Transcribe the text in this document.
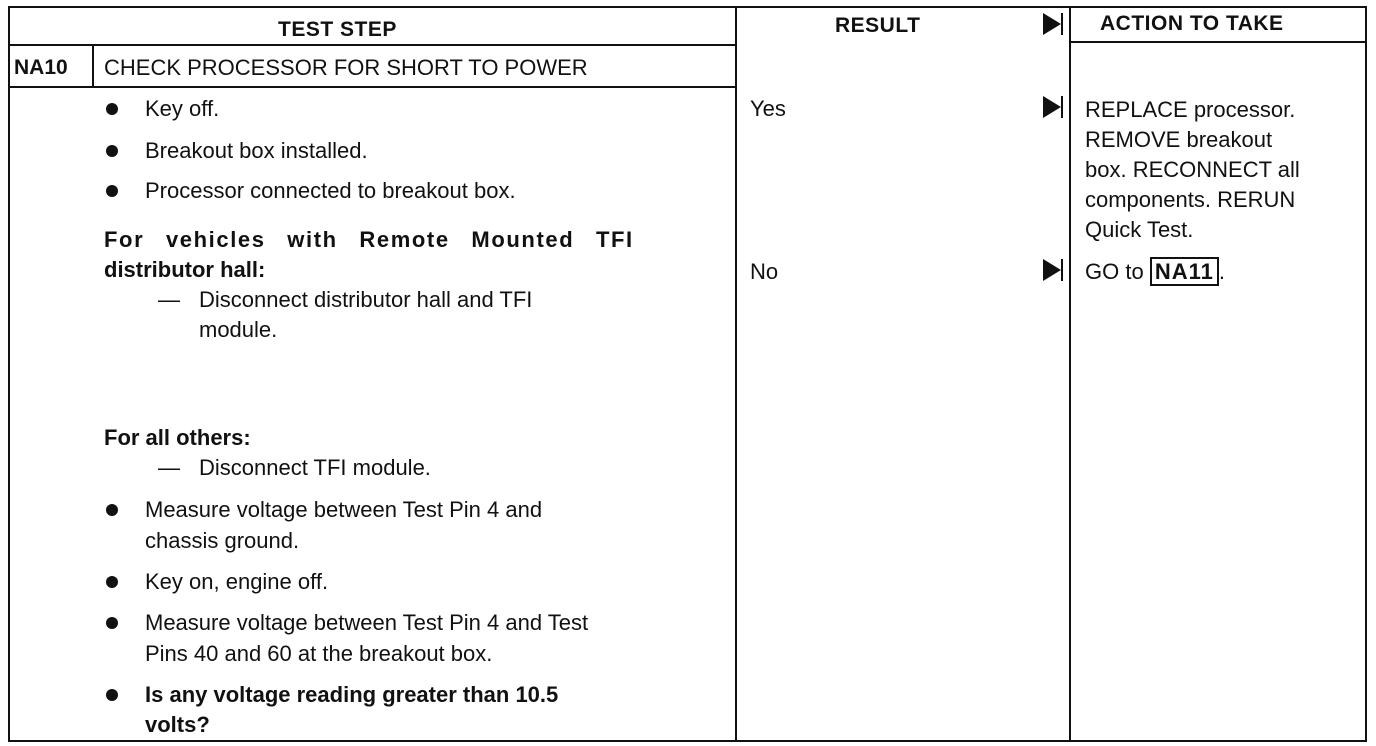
TEST STEP	RESULT	ACTION TO TAKE
NA10 CHECK PROCESSOR FOR SHORT TO POWER
Key off.
Breakout box installed.
Processor connected to breakout box.
For vehicles with Remote Mounted TFI
distributor hall:
— Disconnect distributor hall and TFI
module.
For all others:
— Disconnect TFI module.
Measure voltage between Test Pin 4 and
chassis ground.
Key on, engine off.
Measure voltage between Test Pin 4 and Test
Pins 40 and 60 at the breakout box.
Is any voltage reading greater than 10.5
volts?
Yes
No
REPLACE processor.
REMOVE breakout
box. RECONNECT all
components. RERUN
Quick Test.
GO to NA11 .
